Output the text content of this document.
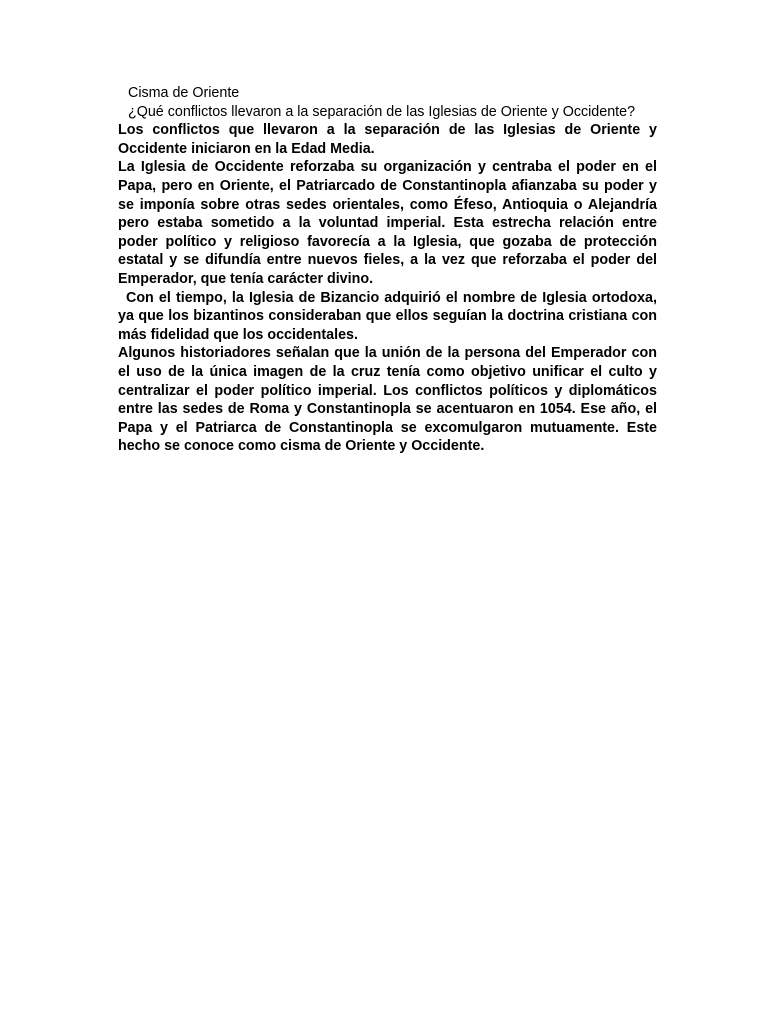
Cisma de Oriente

¿Qué conflictos llevaron a la separación de las Iglesias de Oriente y Occidente?

Los conflictos que llevaron a la separación de las Iglesias de Oriente y Occidente iniciaron en la Edad Media.

La Iglesia de Occidente reforzaba su organización y centraba el poder en el Papa, pero en Oriente, el Patriarcado de Constantinopla afianzaba su poder y se imponía sobre otras sedes orientales, como Éfeso, Antioquia o Alejandría pero estaba sometido a la voluntad imperial. Esta estrecha relación entre poder político y religioso favorecía a la Iglesia, que gozaba de protección estatal y se difundía entre nuevos fieles, a la vez que reforzaba el poder del Emperador, que tenía carácter divino.

Con el tiempo, la Iglesia de Bizancio adquirió el nombre de Iglesia ortodoxa, ya que los bizantinos consideraban que ellos seguían la doctrina cristiana con más fidelidad que los occidentales.

Algunos historiadores señalan que la unión de la persona del Emperador con el uso de la única imagen de la cruz tenía como objetivo unificar el culto y centralizar el poder político imperial. Los conflictos políticos y diplomáticos entre las sedes de Roma y Constantinopla se acentuaron en 1054. Ese año, el Papa y el Patriarca de Constantinopla se excomulgaron mutuamente. Este hecho se conoce como cisma de Oriente y Occidente.
